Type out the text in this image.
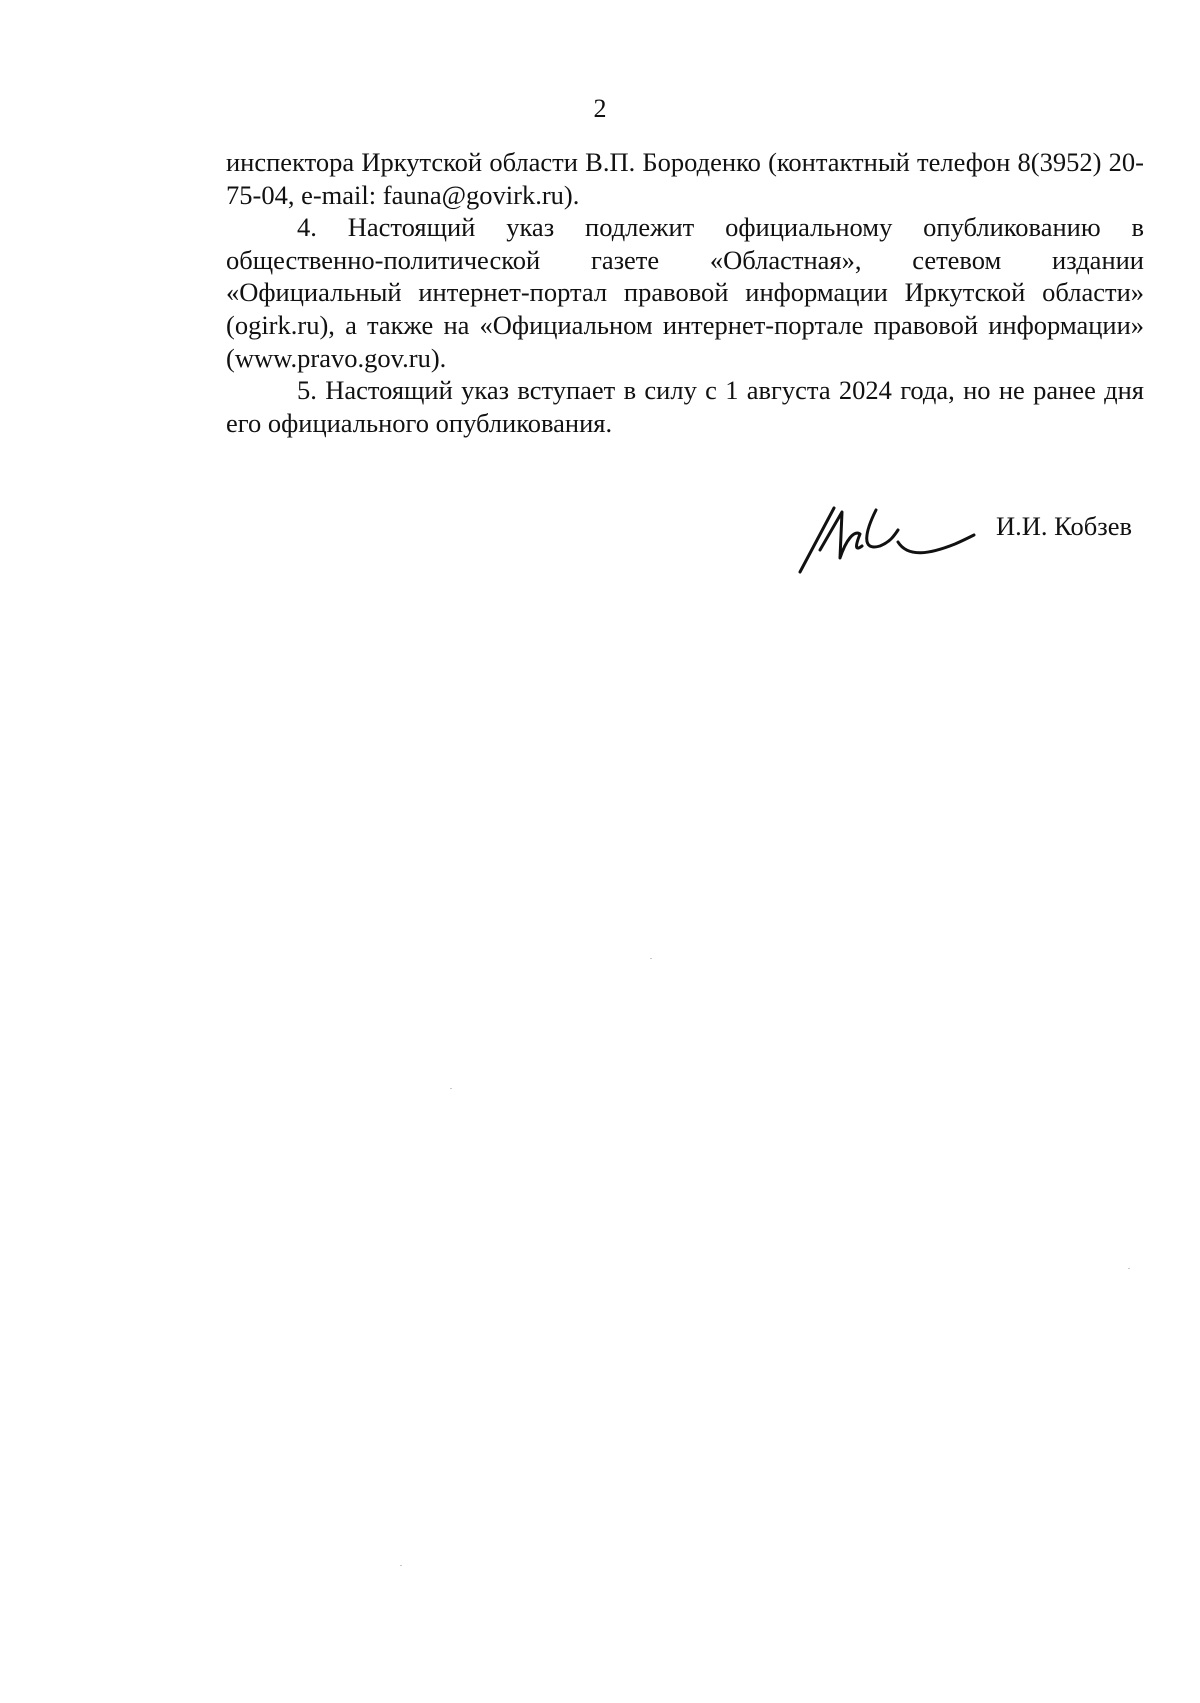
2

инспектора Иркутской области В.П. Бороденко (контактный телефон 8(3952) 20-75-04, e-mail: fauna@govirk.ru).

4. Настоящий указ подлежит официальному опубликованию в общественно-политической газете «Областная», сетевом издании «Официальный интернет-портал правовой информации Иркутской области» (ogirk.ru), а также на «Официальном интернет-портале правовой информации» (www.pravo.gov.ru).

5. Настоящий указ вступает в силу с 1 августа 2024 года, но не ранее дня его официального опубликования.

И.И. Кобзев
